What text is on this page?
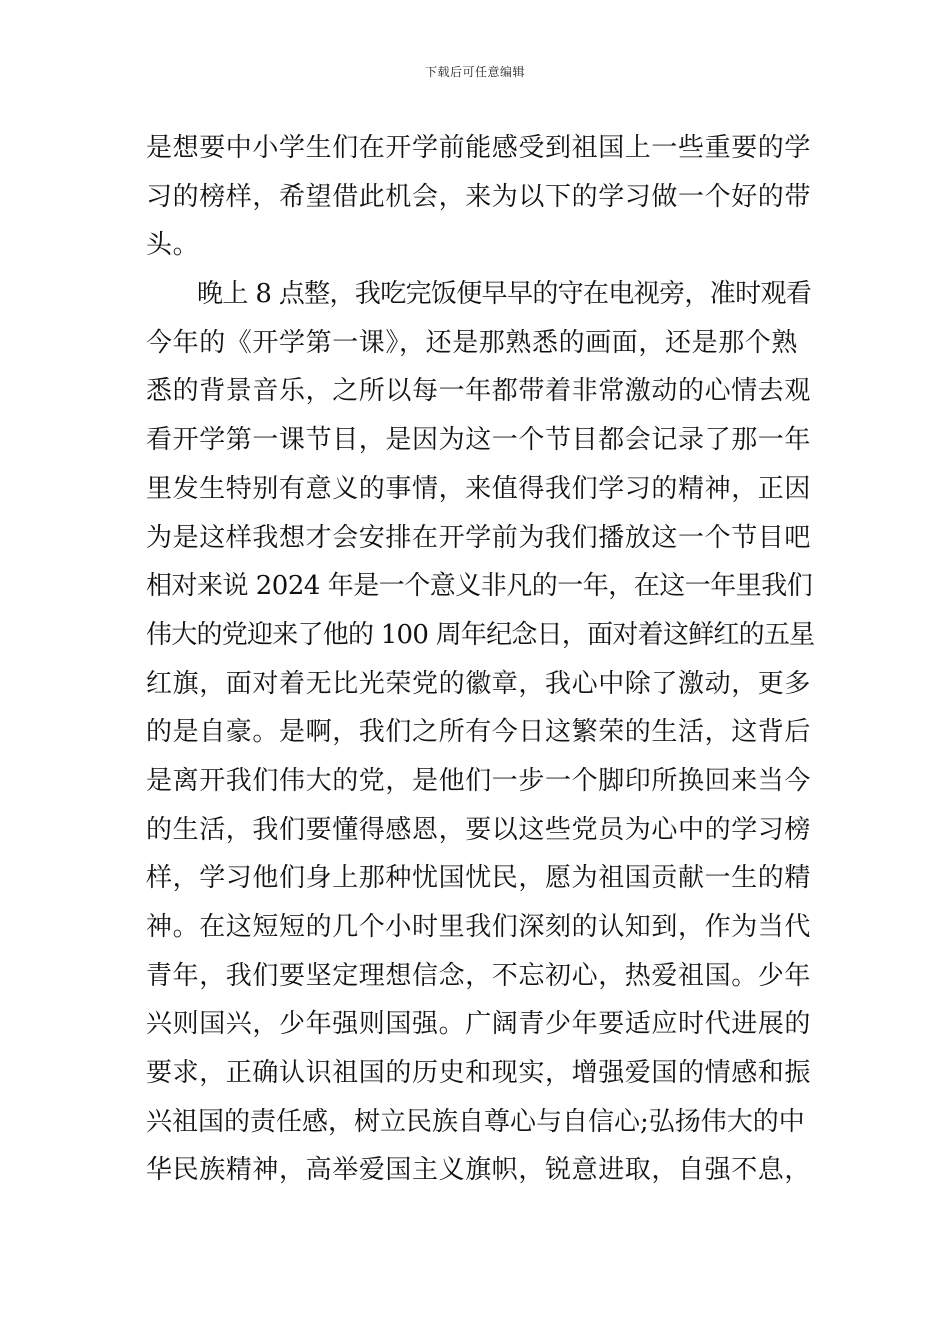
下载后可任意编辑
是想要中小学生们在开学前能感受到祖国上一些重要的学
习的榜样，希望借此机会，来为以下的学习做一个好的带
头。
晚上 8 点整，我吃完饭便早早的守在电视旁，准时观看
今年的《开学第一课》，还是那熟悉的画面，还是那个熟
悉的背景音乐，之所以每一年都带着非常激动的心情去观
看开学第一课节目，是因为这一个节目都会记录了那一年
里发生特别有意义的事情，来值得我们学习的精神，正因
为是这样我想才会安排在开学前为我们播放这一个节目吧
相对来说 2024 年是一个意义非凡的一年，在这一年里我们
伟大的党迎来了他的 100 周年纪念日，面对着这鲜红的五星
红旗，面对着无比光荣党的徽章，我心中除了激动，更多
的是自豪。是啊，我们之所有今日这繁荣的生活，这背后
是离开我们伟大的党，是他们一步一个脚印所换回来当今
的生活，我们要懂得感恩，要以这些党员为心中的学习榜
样，学习他们身上那种忧国忧民，愿为祖国贡献一生的精
神。在这短短的几个小时里我们深刻的认知到，作为当代
青年，我们要坚定理想信念，不忘初心，热爱祖国。少年
兴则国兴，少年强则国强。广阔青少年要适应时代进展的
要求，正确认识祖国的历史和现实，增强爱国的情感和振
兴祖国的责任感，树立民族自尊心与自信心;弘扬伟大的中
华民族精神，高举爱国主义旗帜，锐意进取，自强不息，
